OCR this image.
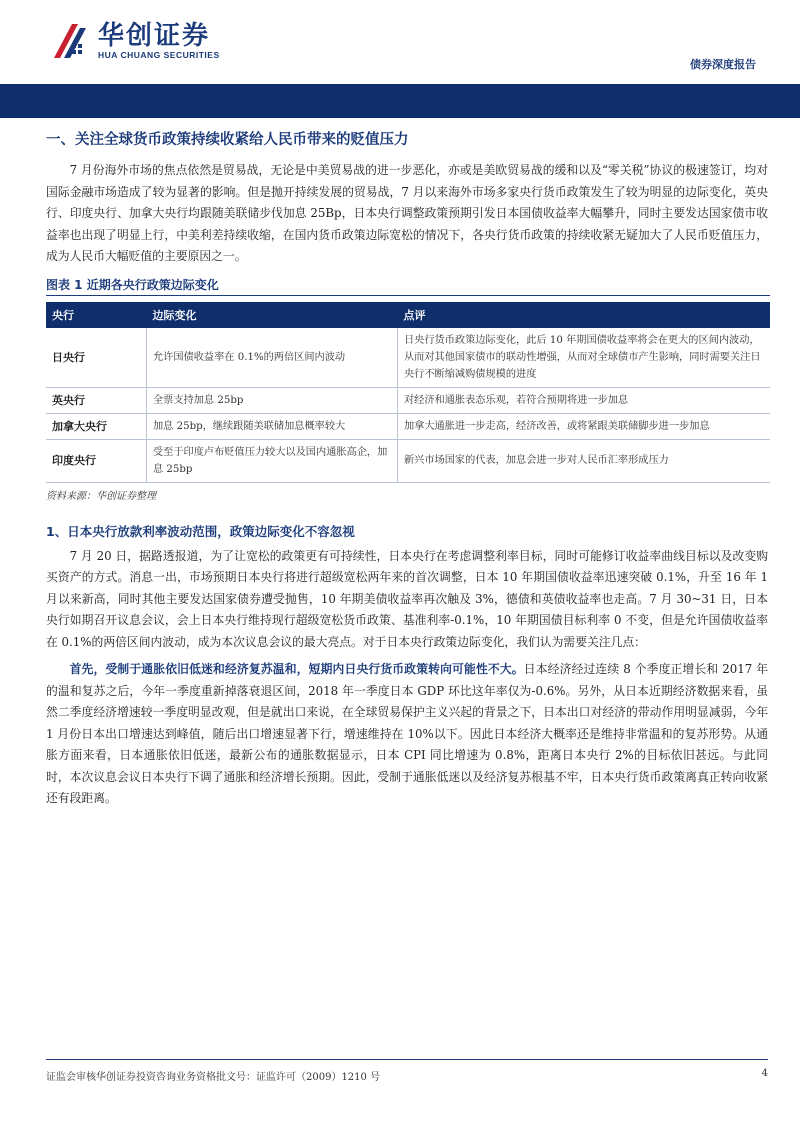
华创证券
HUA CHUANG SECURITIES
债券深度报告
一、关注全球货币政策持续收紧给人民币带来的贬值压力

7 月份海外市场的焦点依然是贸易战，无论是中美贸易战的进一步恶化，亦或是美欧贸易战的缓和以及“零关税”协议的极速签订，均对国际金融市场造成了较为显著的影响。但是抛开持续发展的贸易战，7 月以来海外市场多家央行货币政策发生了较为明显的边际变化，英央行、印度央行、加拿大央行均跟随美联储步伐加息 25Bp，日本央行调整政策预期引发日本国债收益率大幅攀升，同时主要发达国家债市收益率也出现了明显上行，中美利差持续收缩，在国内货币政策边际宽松的情况下，各央行货币政策的持续收紧无疑加大了人民币贬值压力，成为人民币大幅贬值的主要原因之一。

图表 1 近期各央行政策边际变化
央行	边际变化	点评
日央行	允许国债收益率在 0.1%的两倍区间内波动	日央行货币政策边际变化，此后 10 年期国债收益率将会在更大的区间内波动，从而对其他国家债市的联动性增强，从而对全球债市产生影响，同时需要关注日央行不断缩减购债规模的进度
英央行	全票支持加息 25bp	对经济和通胀表态乐观，若符合预期将进一步加息
加拿大央行	加息 25bp，继续跟随美联储加息概率较大	加拿大通胀进一步走高，经济改善，或将紧跟美联储脚步进一步加息
印度央行	受至于印度卢布贬值压力较大以及国内通胀高企，加息 25bp	新兴市场国家的代表，加息会进一步对人民币汇率形成压力
资料来源：华创证券整理
1、日本央行放款利率波动范围，政策边际变化不容忽视

7 月 20 日，据路透报道，为了让宽松的政策更有可持续性，日本央行在考虑调整利率目标，同时可能修订收益率曲线目标以及改变购买资产的方式。消息一出，市场预期日本央行将进行超级宽松两年来的首次调整，日本 10 年期国债收益率迅速突破 0.1%，升至 16 年 1 月以来新高，同时其他主要发达国家债券遭受抛售，10 年期美债收益率再次触及 3%，德债和英债收益率也走高。7 月 30~31 日，日本央行如期召开议息会议，会上日本央行维持现行超级宽松货币政策、基准利率-0.1%，10 年期国债目标利率 0 不变，但是允许国债收益率在 0.1%的两倍区间内波动，成为本次议息会议的最大亮点。对于日本央行政策边际变化，我们认为需要关注几点：

首先，受制于通胀依旧低迷和经济复苏温和，短期内日央行货币政策转向可能性不大。日本经济经过连续 8 个季度正增长和 2017 年的温和复苏之后，今年一季度重新掉落衰退区间，2018 年一季度日本 GDP 环比这年率仅为-0.6%。另外，从日本近期经济数据来看，虽然二季度经济增速较一季度明显改观，但是就出口来说，在全球贸易保护主义兴起的背景之下，日本出口对经济的带动作用明显减弱，今年 1 月份日本出口增速达到峰值，随后出口增速显著下行，增速维持在 10%以下。因此日本经济大概率还是维持非常温和的复苏形势。从通胀方面来看，日本通胀依旧低迷，最新公布的通胀数据显示，日本 CPI 同比增速为 0.8%，距离日本央行 2%的目标依旧甚远。与此同时，本次议息会议日本央行下调了通胀和经济增长预期。因此，受制于通胀低迷以及经济复苏根基不牢，日本央行货币政策离真正转向收紧还有段距离。

证监会审核华创证券投资咨询业务资格批文号：证监许可（2009）1210 号	4
